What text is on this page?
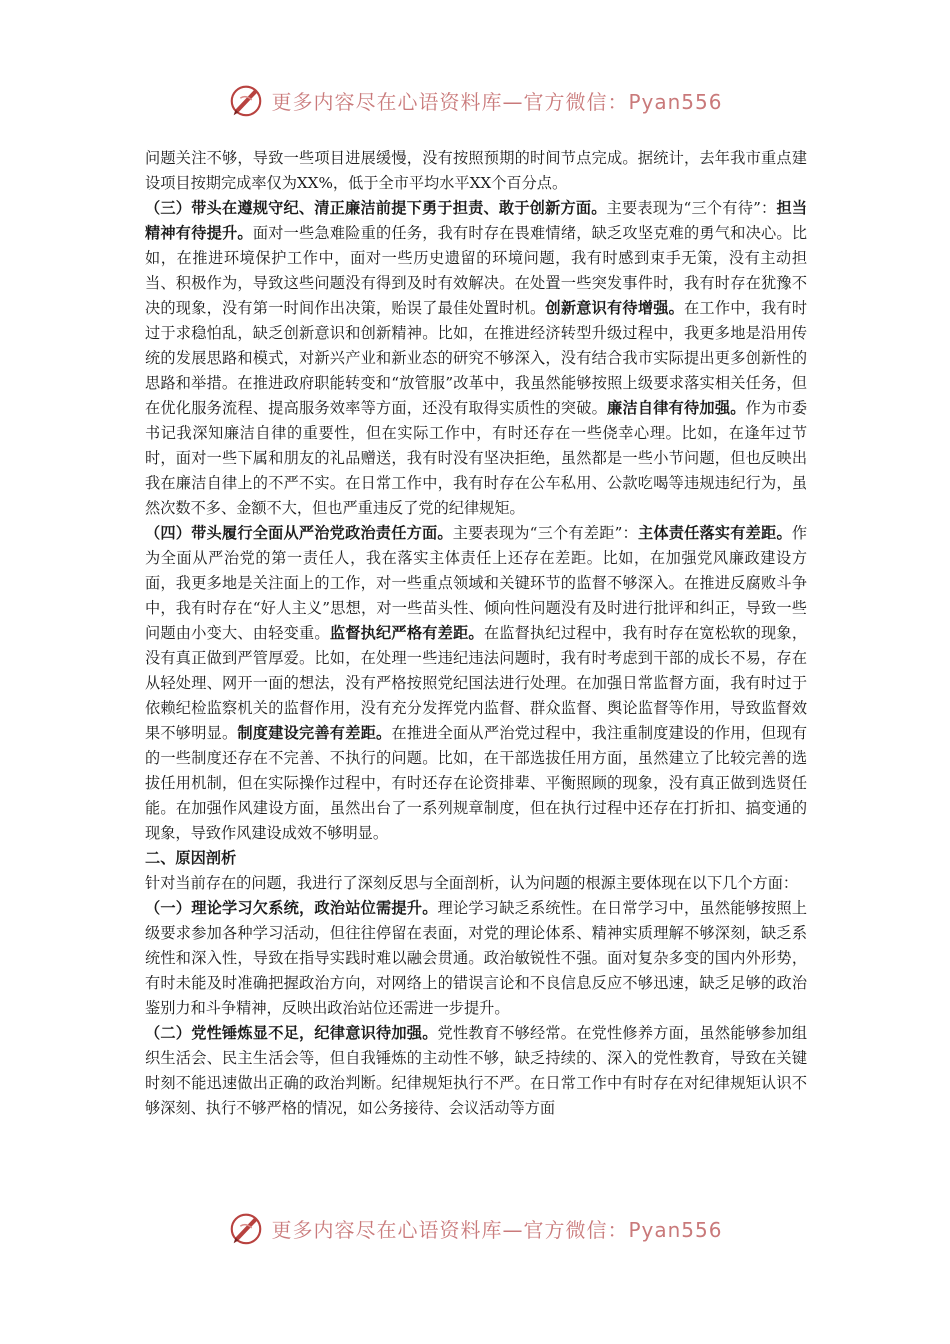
更多内容尽在心语资料库—官方微信：Pyan556

问题关注不够，导致一些项目进展缓慢，没有按照预期的时间节点完成。据统计，去年我市重点建设项目按期完成率仅为XX%，低于全市平均水平XX个百分点。

（三）带头在遵规守纪、清正廉洁前提下勇于担责、敢于创新方面。主要表现为“三个有待”：担当精神有待提升。面对一些急难险重的任务，我有时存在畏难情绪，缺乏攻坚克难的勇气和决心。比如，在推进环境保护工作中，面对一些历史遗留的环境问题，我有时感到束手无策，没有主动担当、积极作为，导致这些问题没有得到及时有效解决。在处置一些突发事件时，我有时存在犹豫不决的现象，没有第一时间作出决策，贻误了最佳处置时机。创新意识有待增强。在工作中，我有时过于求稳怕乱，缺乏创新意识和创新精神。比如，在推进经济转型升级过程中，我更多地是沿用传统的发展思路和模式，对新兴产业和新业态的研究不够深入，没有结合我市实际提出更多创新性的思路和举措。在推进政府职能转变和“放管服”改革中，我虽然能够按照上级要求落实相关任务，但在优化服务流程、提高服务效率等方面，还没有取得实质性的突破。廉洁自律有待加强。作为市委书记我深知廉洁自律的重要性，但在实际工作中，有时还存在一些侥幸心理。比如，在逢年过节时，面对一些下属和朋友的礼品赠送，我有时没有坚决拒绝，虽然都是一些小节问题，但也反映出我在廉洁自律上的不严不实。在日常工作中，我有时存在公车私用、公款吃喝等违规违纪行为，虽然次数不多、金额不大，但也严重违反了党的纪律规矩。

（四）带头履行全面从严治党政治责任方面。主要表现为“三个有差距”：主体责任落实有差距。作为全面从严治党的第一责任人，我在落实主体责任上还存在差距。比如，在加强党风廉政建设方面，我更多地是关注面上的工作，对一些重点领域和关键环节的监督不够深入。在推进反腐败斗争中，我有时存在“好人主义”思想，对一些苗头性、倾向性问题没有及时进行批评和纠正，导致一些问题由小变大、由轻变重。监督执纪严格有差距。在监督执纪过程中，我有时存在宽松软的现象，没有真正做到严管厚爱。比如，在处理一些违纪违法问题时，我有时考虑到干部的成长不易，存在从轻处理、网开一面的想法，没有严格按照党纪国法进行处理。在加强日常监督方面，我有时过于依赖纪检监察机关的监督作用，没有充分发挥党内监督、群众监督、舆论监督等作用，导致监督效果不够明显。制度建设完善有差距。在推进全面从严治党过程中，我注重制度建设的作用，但现有的一些制度还存在不完善、不执行的问题。比如，在干部选拔任用方面，虽然建立了比较完善的选拔任用机制，但在实际操作过程中，有时还存在论资排辈、平衡照顾的现象，没有真正做到选贤任能。在加强作风建设方面，虽然出台了一系列规章制度，但在执行过程中还存在打折扣、搞变通的现象，导致作风建设成效不够明显。

二、原因剖析

针对当前存在的问题，我进行了深刻反思与全面剖析，认为问题的根源主要体现在以下几个方面：

（一）理论学习欠系统，政治站位需提升。理论学习缺乏系统性。在日常学习中，虽然能够按照上级要求参加各种学习活动，但往往停留在表面，对党的理论体系、精神实质理解不够深刻，缺乏系统性和深入性，导致在指导实践时难以融会贯通。政治敏锐性不强。面对复杂多变的国内外形势，有时未能及时准确把握政治方向，对网络上的错误言论和不良信息反应不够迅速，缺乏足够的政治鉴别力和斗争精神，反映出政治站位还需进一步提升。

（二）党性锤炼显不足，纪律意识待加强。党性教育不够经常。在党性修养方面，虽然能够参加组织生活会、民主生活会等，但自我锤炼的主动性不够，缺乏持续的、深入的党性教育，导致在关键时刻不能迅速做出正确的政治判断。纪律规矩执行不严。在日常工作中有时存在对纪律规矩认识不够深刻、执行不够严格的情况，如公务接待、会议活动等方面

更多内容尽在心语资料库—官方微信：Pyan556
